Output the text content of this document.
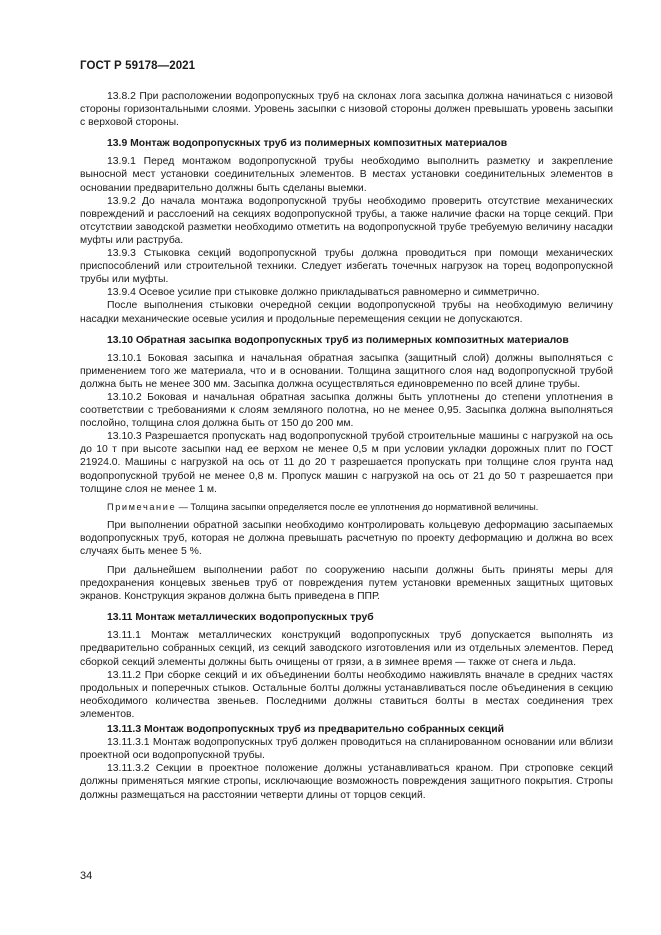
ГОСТ Р 59178—2021

13.8.2 При расположении водопропускных труб на склонах лога засыпка должна начинаться с низовой стороны горизонтальными слоями. Уровень засыпки с низовой стороны должен превышать уровень засыпки с верховой стороны.

13.9 Монтаж водопропускных труб из полимерных композитных материалов

13.9.1 Перед монтажом водопропускной трубы необходимо выполнить разметку и закрепление выносной мест установки соединительных элементов. В местах установки соединительных элементов в основании предварительно должны быть сделаны выемки.

13.9.2 До начала монтажа водопропускной трубы необходимо проверить отсутствие механических повреждений и расслоений на секциях водопропускной трубы, а также наличие фаски на торце секций. При отсутствии заводской разметки необходимо отметить на водопропускной трубе требуемую величину насадки муфты или раструба.

13.9.3 Стыковка секций водопропускной трубы должна проводиться при помощи механических приспособлений или строительной техники. Следует избегать точечных нагрузок на торец водопропускной трубы или муфты.

13.9.4 Осевое усилие при стыковке должно прикладываться равномерно и симметрично.

После выполнения стыковки очередной секции водопропускной трубы на необходимую величину насадки механические осевые усилия и продольные перемещения секции не допускаются.

13.10 Обратная засыпка водопропускных труб из полимерных композитных материалов

13.10.1 Боковая засыпка и начальная обратная засыпка (защитный слой) должны выполняться с применением того же материала, что и в основании. Толщина защитного слоя над водопропускной трубой должна быть не менее 300 мм. Засыпка должна осуществляться единовременно по всей длине трубы.

13.10.2 Боковая и начальная обратная засыпка должны быть уплотнены до степени уплотнения в соответствии с требованиями к слоям земляного полотна, но не менее 0,95. Засыпка должна выполняться послойно, толщина слоя должна быть от 150 до 200 мм.

13.10.3 Разрешается пропускать над водопропускной трубой строительные машины с нагрузкой на ось до 10 т при высоте засыпки над ее верхом не менее 0,5 м при условии укладки дорожных плит по ГОСТ 21924.0. Машины с нагрузкой на ось от 11 до 20 т разрешается пропускать при толщине слоя грунта над водопропускной трубой не менее 0,8 м. Пропуск машин с нагрузкой на ось от 21 до 50 т разрешается при толщине слоя не менее 1 м.

Примечание — Толщина засыпки определяется после ее уплотнения до нормативной величины.

При выполнении обратной засыпки необходимо контролировать кольцевую деформацию засыпаемых водопропускных труб, которая не должна превышать расчетную по проекту деформацию и должна во всех случаях быть менее 5 %.

При дальнейшем выполнении работ по сооружению насыпи должны быть приняты меры для предохранения концевых звеньев труб от повреждения путем установки временных защитных щитовых экранов. Конструкция экранов должна быть приведена в ППР.

13.11 Монтаж металлических водопропускных труб

13.11.1 Монтаж металлических конструкций водопропускных труб допускается выполнять из предварительно собранных секций, из секций заводского изготовления или из отдельных элементов. Перед сборкой секций элементы должны быть очищены от грязи, а в зимнее время — также от снега и льда.

13.11.2 При сборке секций и их объединении болты необходимо наживлять вначале в средних частях продольных и поперечных стыков. Остальные болты должны устанавливаться после объединения в секцию необходимого количества звеньев. Последними должны ставиться болты в местах соединения трех элементов.

13.11.3 Монтаж водопропускных труб из предварительно собранных секций

13.11.3.1 Монтаж водопропускных труб должен проводиться на спланированном основании или вблизи проектной оси водопропускной трубы.

13.11.3.2 Секции в проектное положение должны устанавливаться краном. При строповке секций должны применяться мягкие стропы, исключающие возможность повреждения защитного покрытия. Стропы должны размещаться на расстоянии четверти длины от торцов секций.

34
